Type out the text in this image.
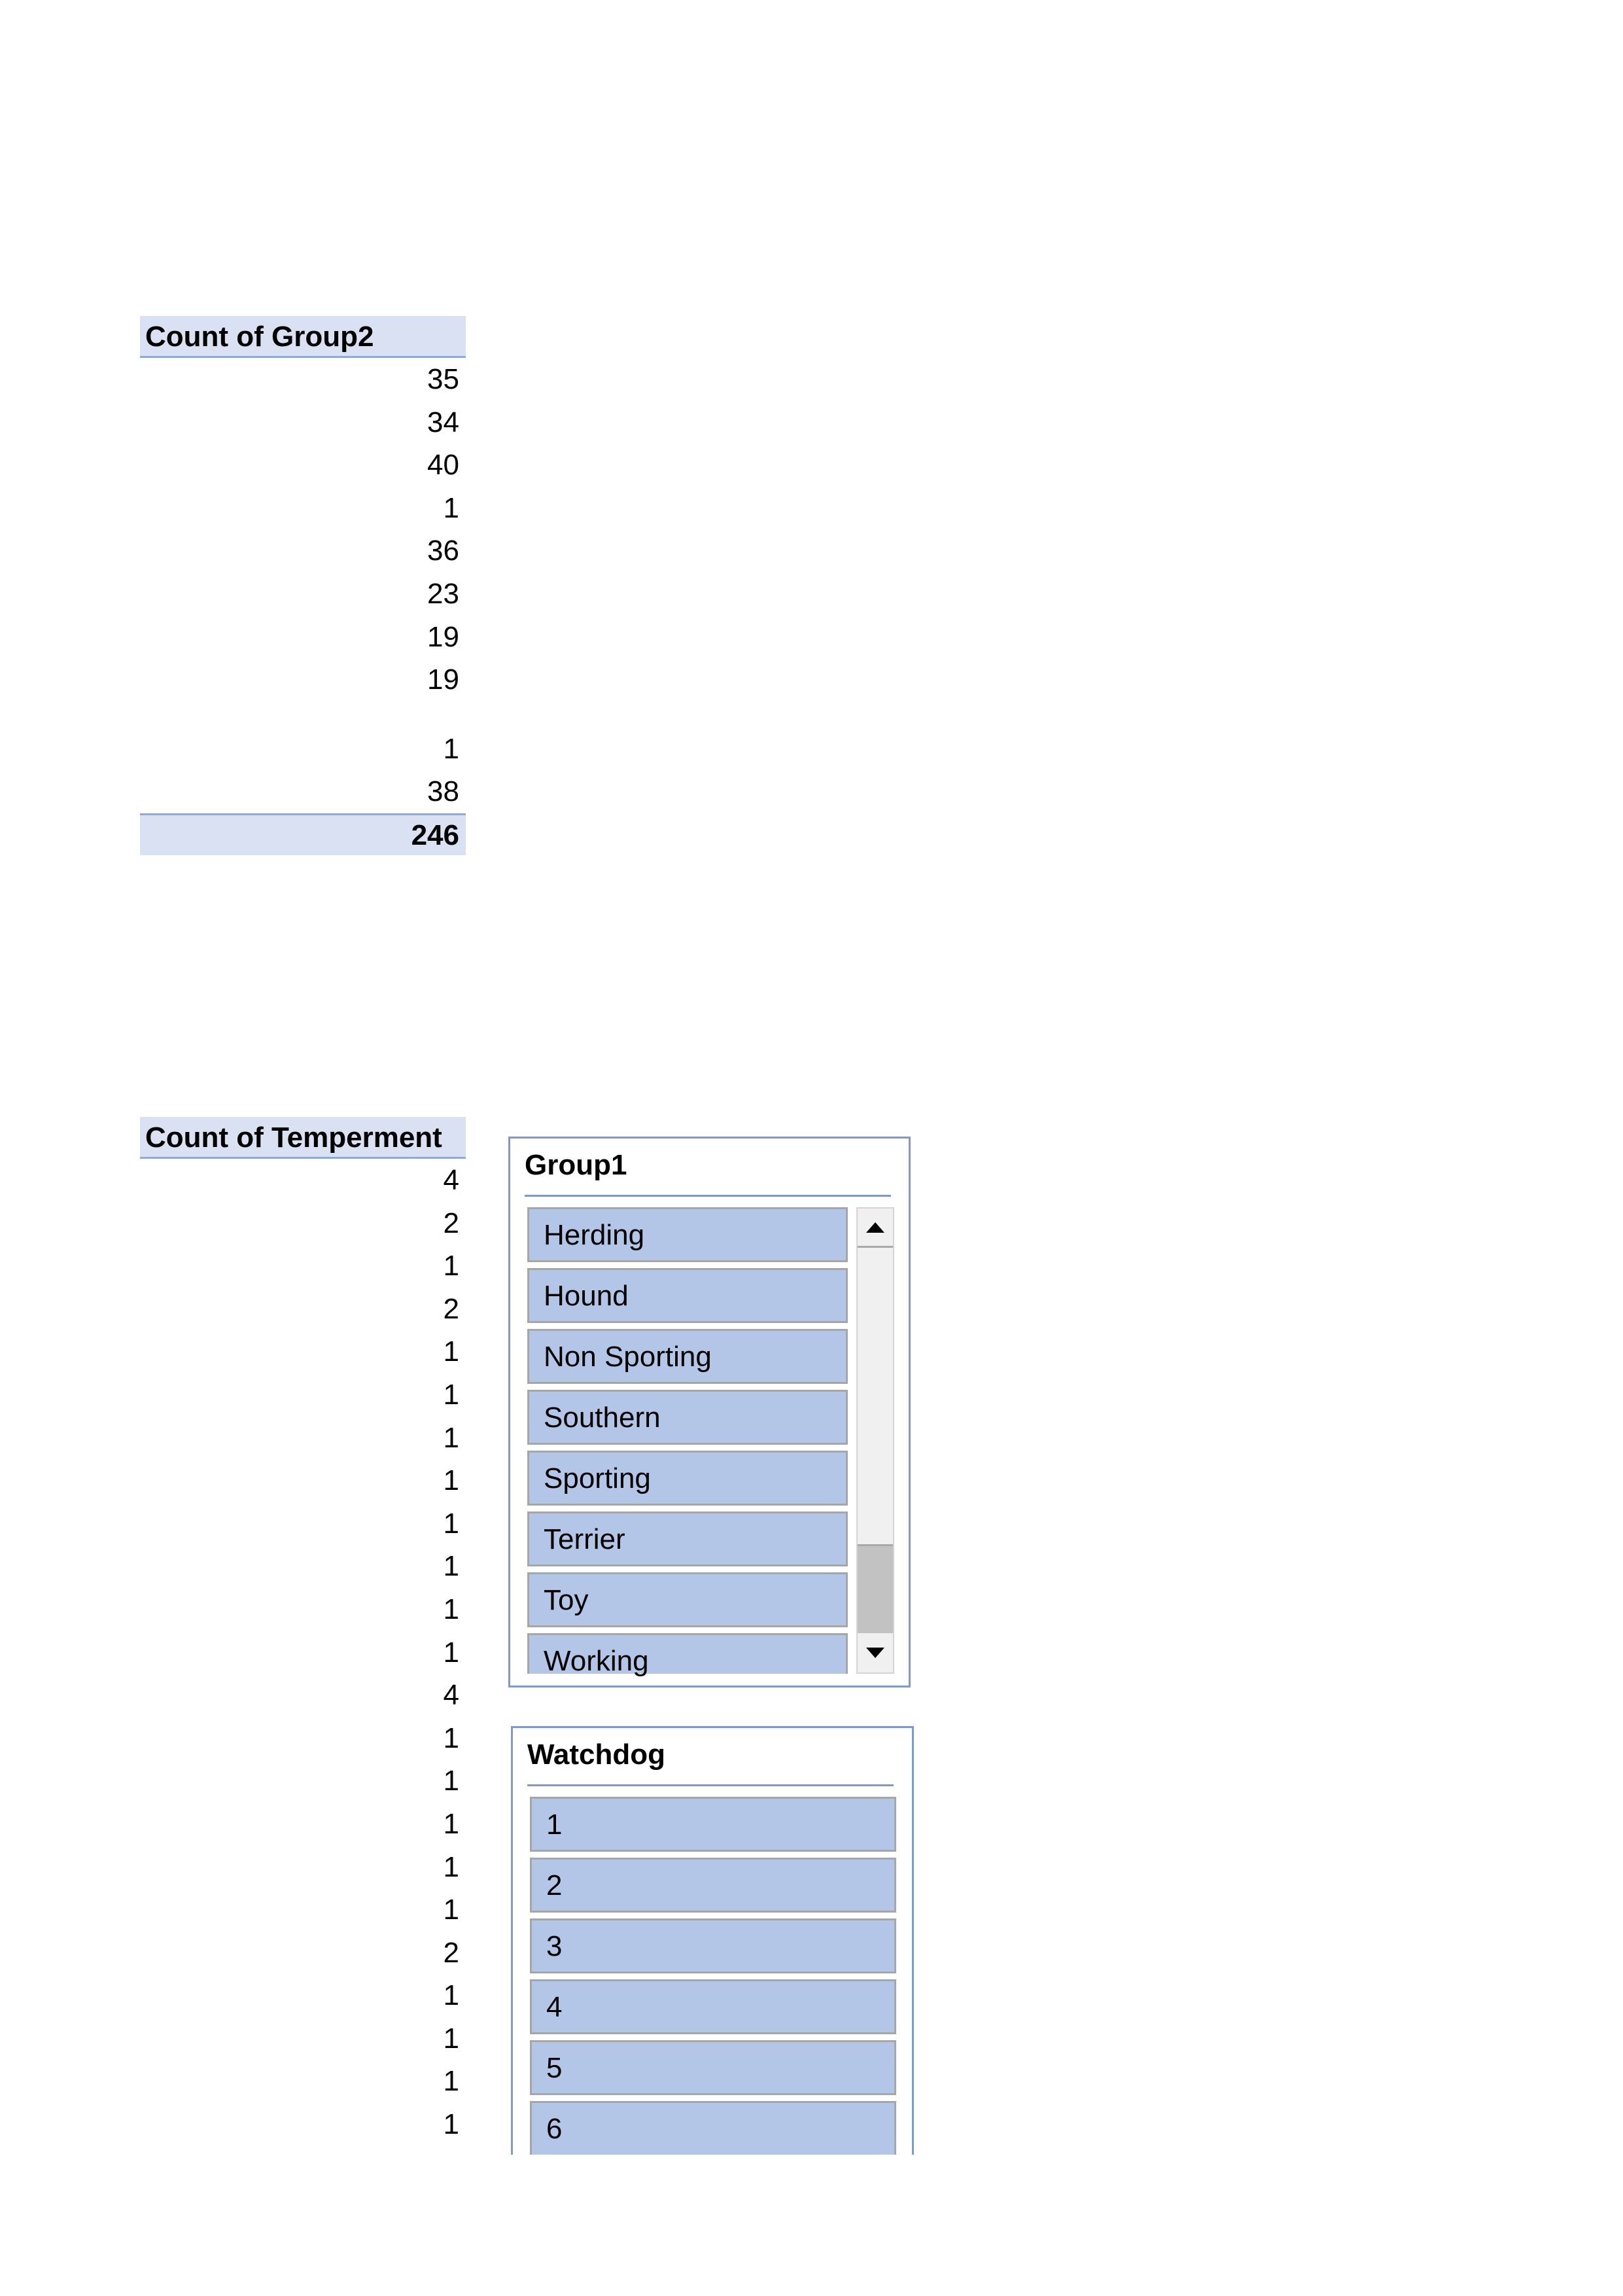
Count of Group2
35
34
40
1
36
23
19
19
1
38
246
Count of Temperment
4
2
1
2
1
1
1
1
1
1
1
1
4
1
1
1
1
1
2
1
1
1
1
Group1
Herding
Hound
Non Sporting
Southern
Sporting
Terrier
Toy
Working
Watchdog
1
2
3
4
5
6
